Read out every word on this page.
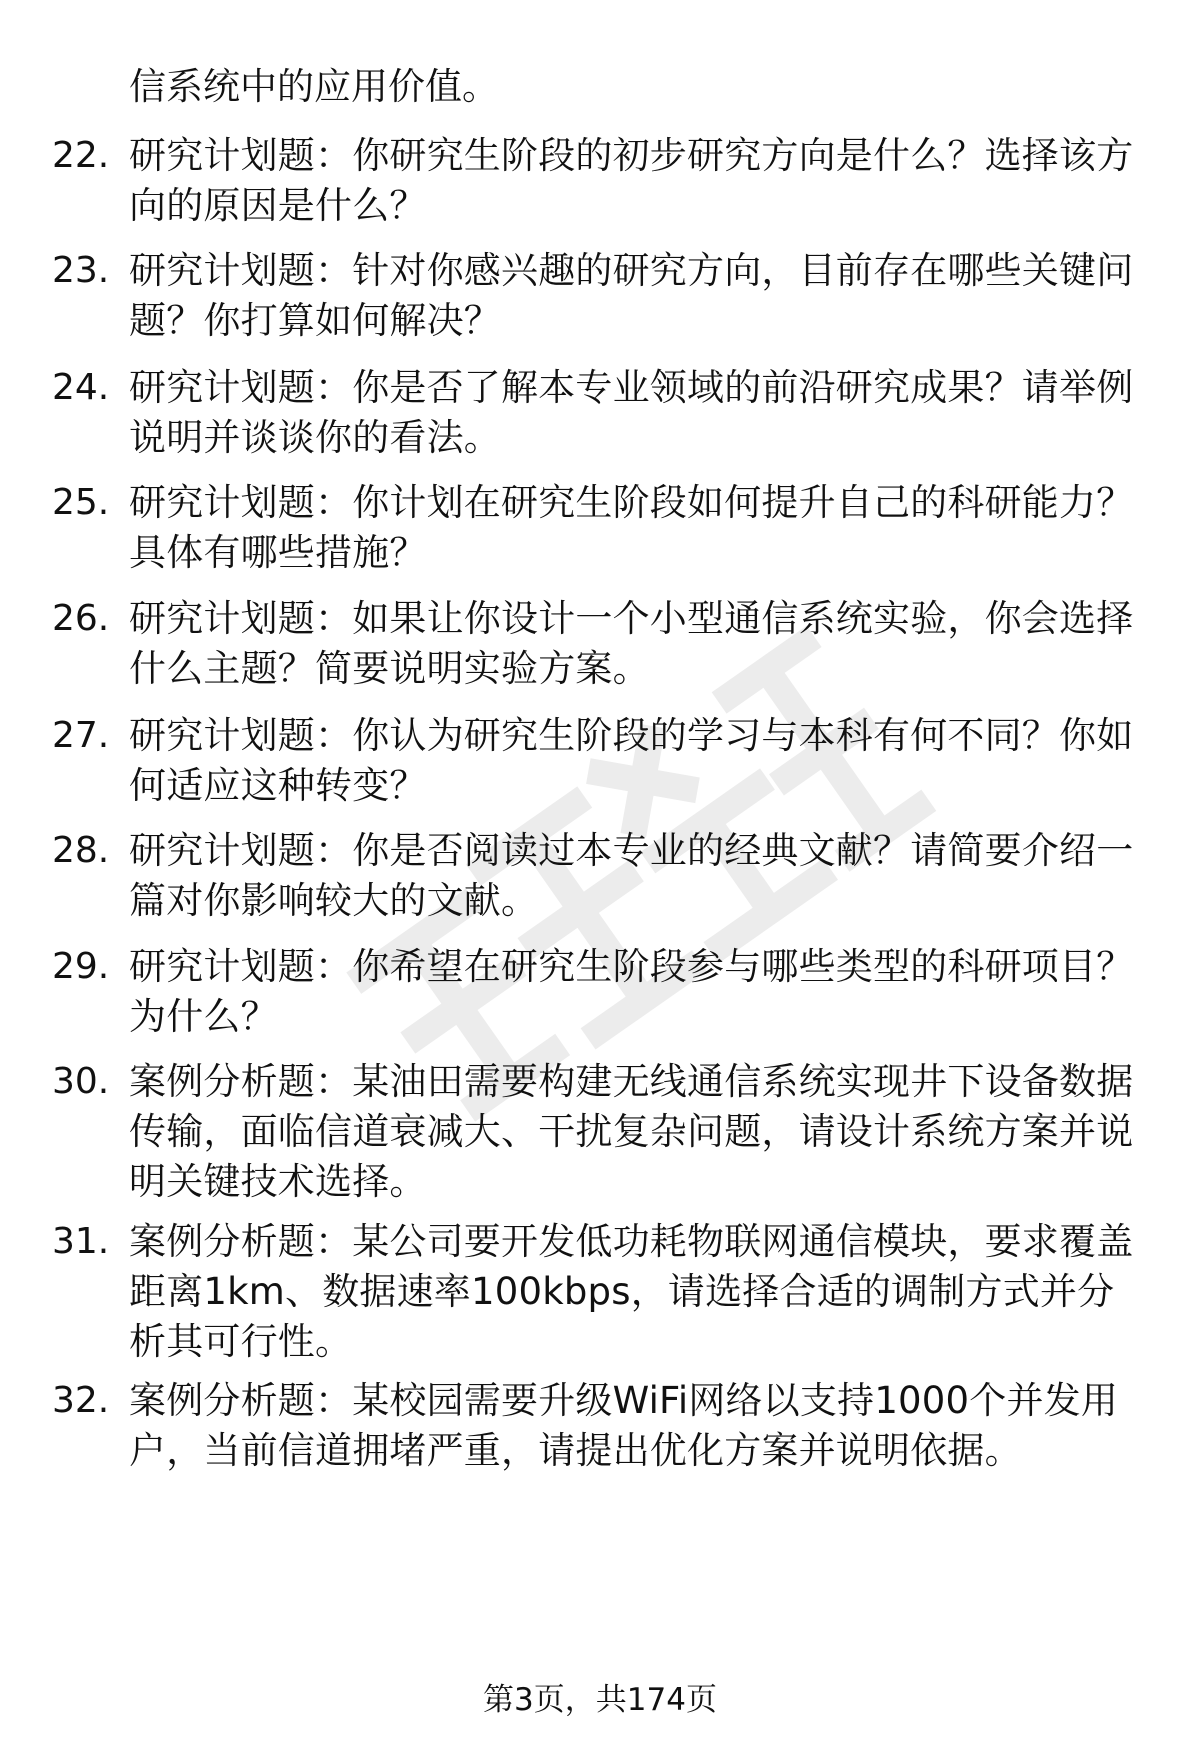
信系统中的应用价值。

22. 研究计划题：你研究生阶段的初步研究方向是什么？选择该方向的原因是什么？
23. 研究计划题：针对你感兴趣的研究方向，目前存在哪些关键问题？你打算如何解决？
24. 研究计划题：你是否了解本专业领域的前沿研究成果？请举例说明并谈谈你的看法。
25. 研究计划题：你计划在研究生阶段如何提升自己的科研能力？具体有哪些措施？
26. 研究计划题：如果让你设计一个小型通信系统实验，你会选择什么主题？简要说明实验方案。
27. 研究计划题：你认为研究生阶段的学习与本科有何不同？你如何适应这种转变？
28. 研究计划题：你是否阅读过本专业的经典文献？请简要介绍一篇对你影响较大的文献。
29. 研究计划题：你希望在研究生阶段参与哪些类型的科研项目？为什么？
30. 案例分析题：某油田需要构建无线通信系统实现井下设备数据传输，面临信道衰减大、干扰复杂问题，请设计系统方案并说明关键技术选择。
31. 案例分析题：某公司要开发低功耗物联网通信模块，要求覆盖距离1km、数据速率100kbps，请选择合适的调制方式并分析其可行性。
32. 案例分析题：某校园需要升级WiFi网络以支持1000个并发用户，当前信道拥堵严重，请提出优化方案并说明依据。
第3页，共174页
